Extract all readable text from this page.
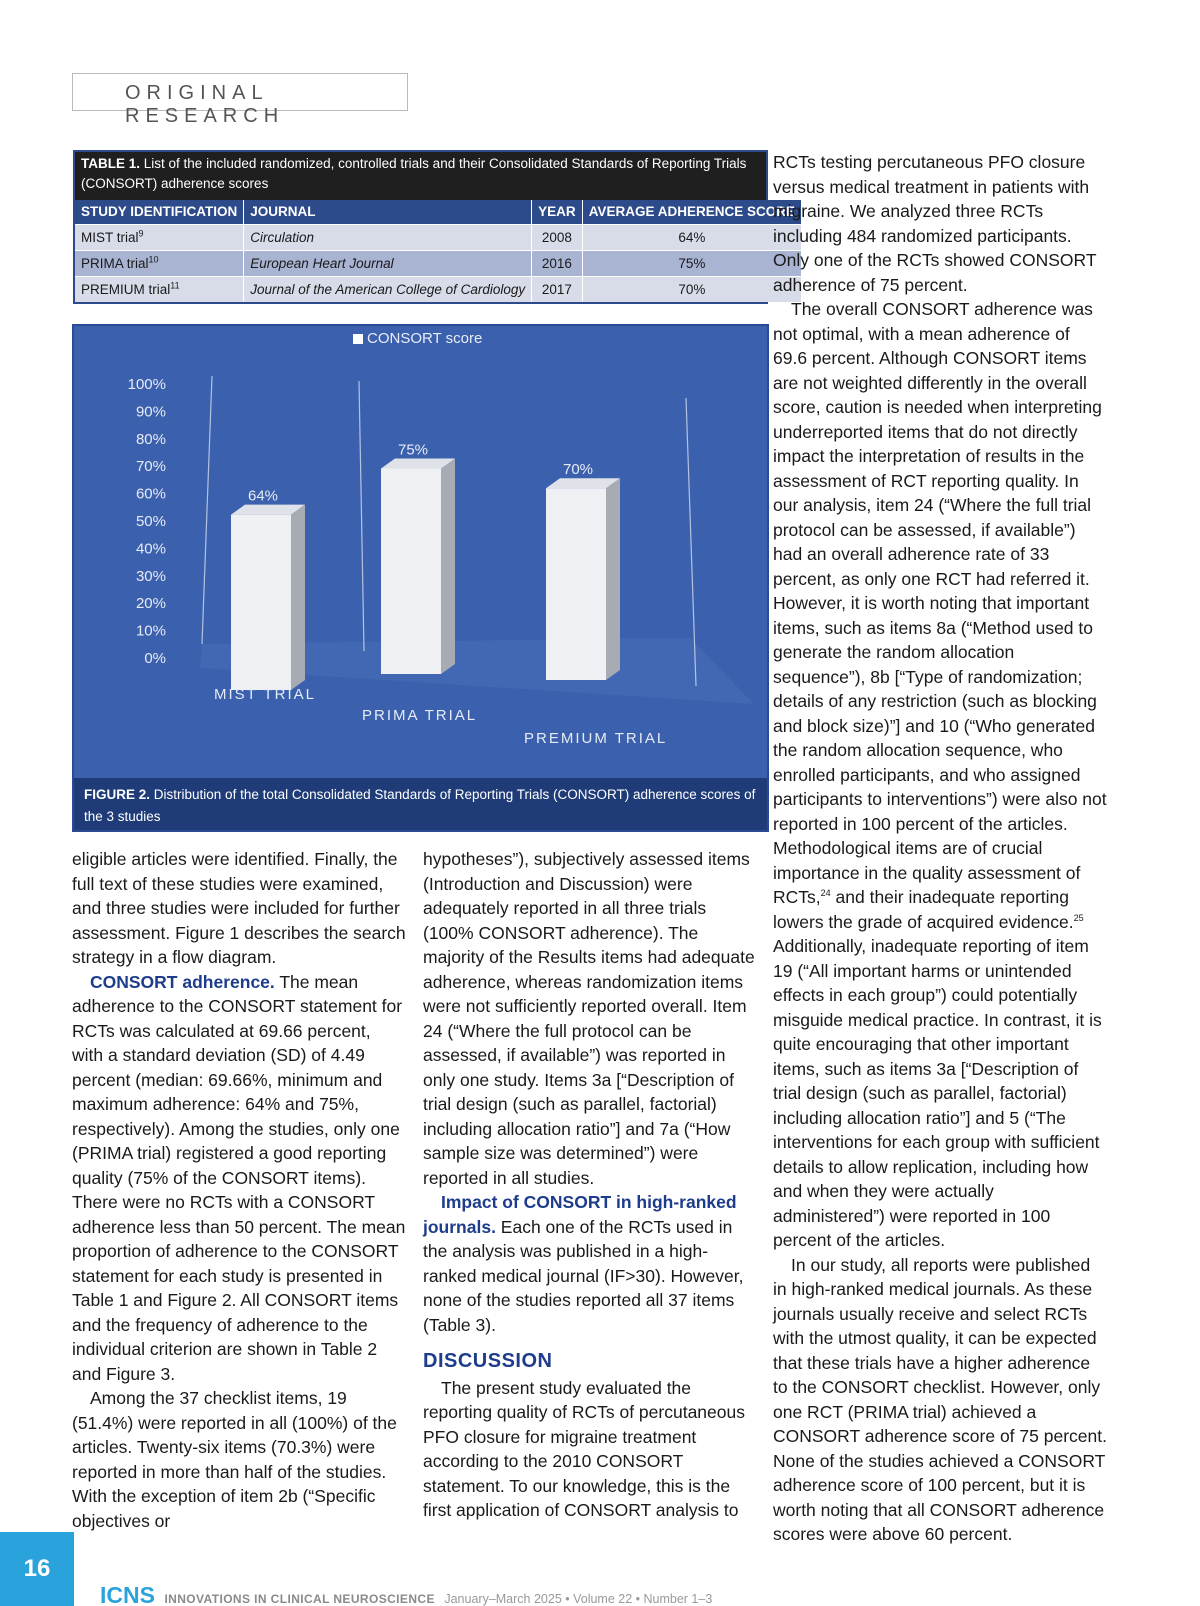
ORIGINAL RESEARCH
TABLE 1. List of the included randomized, controlled trials and their Consolidated Standards of Reporting Trials (CONSORT) adherence scores
STUDY IDENTIFICATION	JOURNAL	YEAR	AVERAGE ADHERENCE SCORE
MIST trial$^9$	Circulation	2008	64%
PRIMA trial$^{10}$	European Heart Journal	2016	75%
PREMIUM trial$^{11}$	Journal of the American College of Cardiology	2017	70%
CONSORT score
0%
10%
20%
30%
40%
50%
60%
70%
80%
90%
100%
64%
75%
70%
MIST TRIAL
PRIMA TRIAL
PREMIUM TRIAL
FIGURE 2. Distribution of the total Consolidated Standards of Reporting Trials (CONSORT) adherence scores of the 3 studies

eligible articles were identified. Finally, the full text of these studies were examined, and three studies were included for further assessment. Figure 1 describes the search strategy in a flow diagram.

CONSORT adherence. The mean adherence to the CONSORT statement for RCTs was calculated at 69.66 percent, with a standard deviation (SD) of 4.49 percent (median: 69.66%, minimum and maximum adherence: 64% and 75%, respectively). Among the studies, only one (PRIMA trial) registered a good reporting quality (75% of the CONSORT items). There were no RCTs with a CONSORT adherence less than 50 percent. The mean proportion of adherence to the CONSORT statement for each study is presented in Table 1 and Figure 2. All CONSORT items and the frequency of adherence to the individual criterion are shown in Table 2 and Figure 3.

Among the 37 checklist items, 19 (51.4%) were reported in all (100%) of the articles. Twenty-six items (70.3%) were reported in more than half of the studies. With the exception of item 2b (“Specific objectives or

hypotheses”), subjectively assessed items (Introduction and Discussion) were adequately reported in all three trials (100% CONSORT adherence). The majority of the Results items had adequate adherence, whereas randomization items were not sufficiently reported overall. Item 24 (“Where the full protocol can be assessed, if available”) was reported in only one study. Items 3a [“Description of trial design (such as parallel, factorial) including allocation ratio”] and 7a (“How sample size was determined”) were reported in all studies.

Impact of CONSORT in high-ranked journals. Each one of the RCTs used in the analysis was published in a high-ranked medical journal (IF>30). However, none of the studies reported all 37 items (Table 3).

DISCUSSION

The present study evaluated the reporting quality of RCTs of percutaneous PFO closure for migraine treatment according to the 2010 CONSORT statement. To our knowledge, this is the first application of CONSORT analysis to

RCTs testing percutaneous PFO closure versus medical treatment in patients with migraine. We analyzed three RCTs including 484 randomized participants. Only one of the RCTs showed CONSORT adherence of 75 percent.

The overall CONSORT adherence was not optimal, with a mean adherence of 69.6 percent. Although CONSORT items are not weighted differently in the overall score, caution is needed when interpreting underreported items that do not directly impact the interpretation of results in the assessment of RCT reporting quality. In our analysis, item 24 (“Where the full trial protocol can be assessed, if available”) had an overall adherence rate of 33 percent, as only one RCT had referred it. However, it is worth noting that important items, such as items 8a (“Method used to generate the random allocation sequence”), 8b [“Type of randomization; details of any restriction (such as blocking and block size)”] and 10 (“Who generated the random allocation sequence, who enrolled participants, and who assigned participants to interventions”) were also not reported in 100 percent of the articles. Methodological items are of crucial importance in the quality assessment of RCTs,$^{24}$ and their inadequate reporting lowers the grade of acquired evidence.$^{25}$ Additionally, inadequate reporting of item 19 (“All important harms or unintended effects in each group”) could potentially misguide medical practice. In contrast, it is quite encouraging that other important items, such as items 3a [“Description of trial design (such as parallel, factorial) including allocation ratio”] and 5 (“The interventions for each group with sufficient details to allow replication, including how and when they were actually administered”) were reported in 100 percent of the articles.

In our study, all reports were published in high-ranked medical journals. As these journals usually receive and select RCTs with the utmost quality, it can be expected that these trials have a higher adherence to the CONSORT checklist. However, only one RCT (PRIMA trial) achieved a CONSORT adherence score of 75 percent. None of the studies achieved a CONSORT adherence score of 100 percent, but it is worth noting that all CONSORT adherence scores were above 60 percent.

16
ICNS INNOVATIONS IN CLINICAL NEUROSCIENCE January–March 2025 • Volume 22 • Number 1–3
